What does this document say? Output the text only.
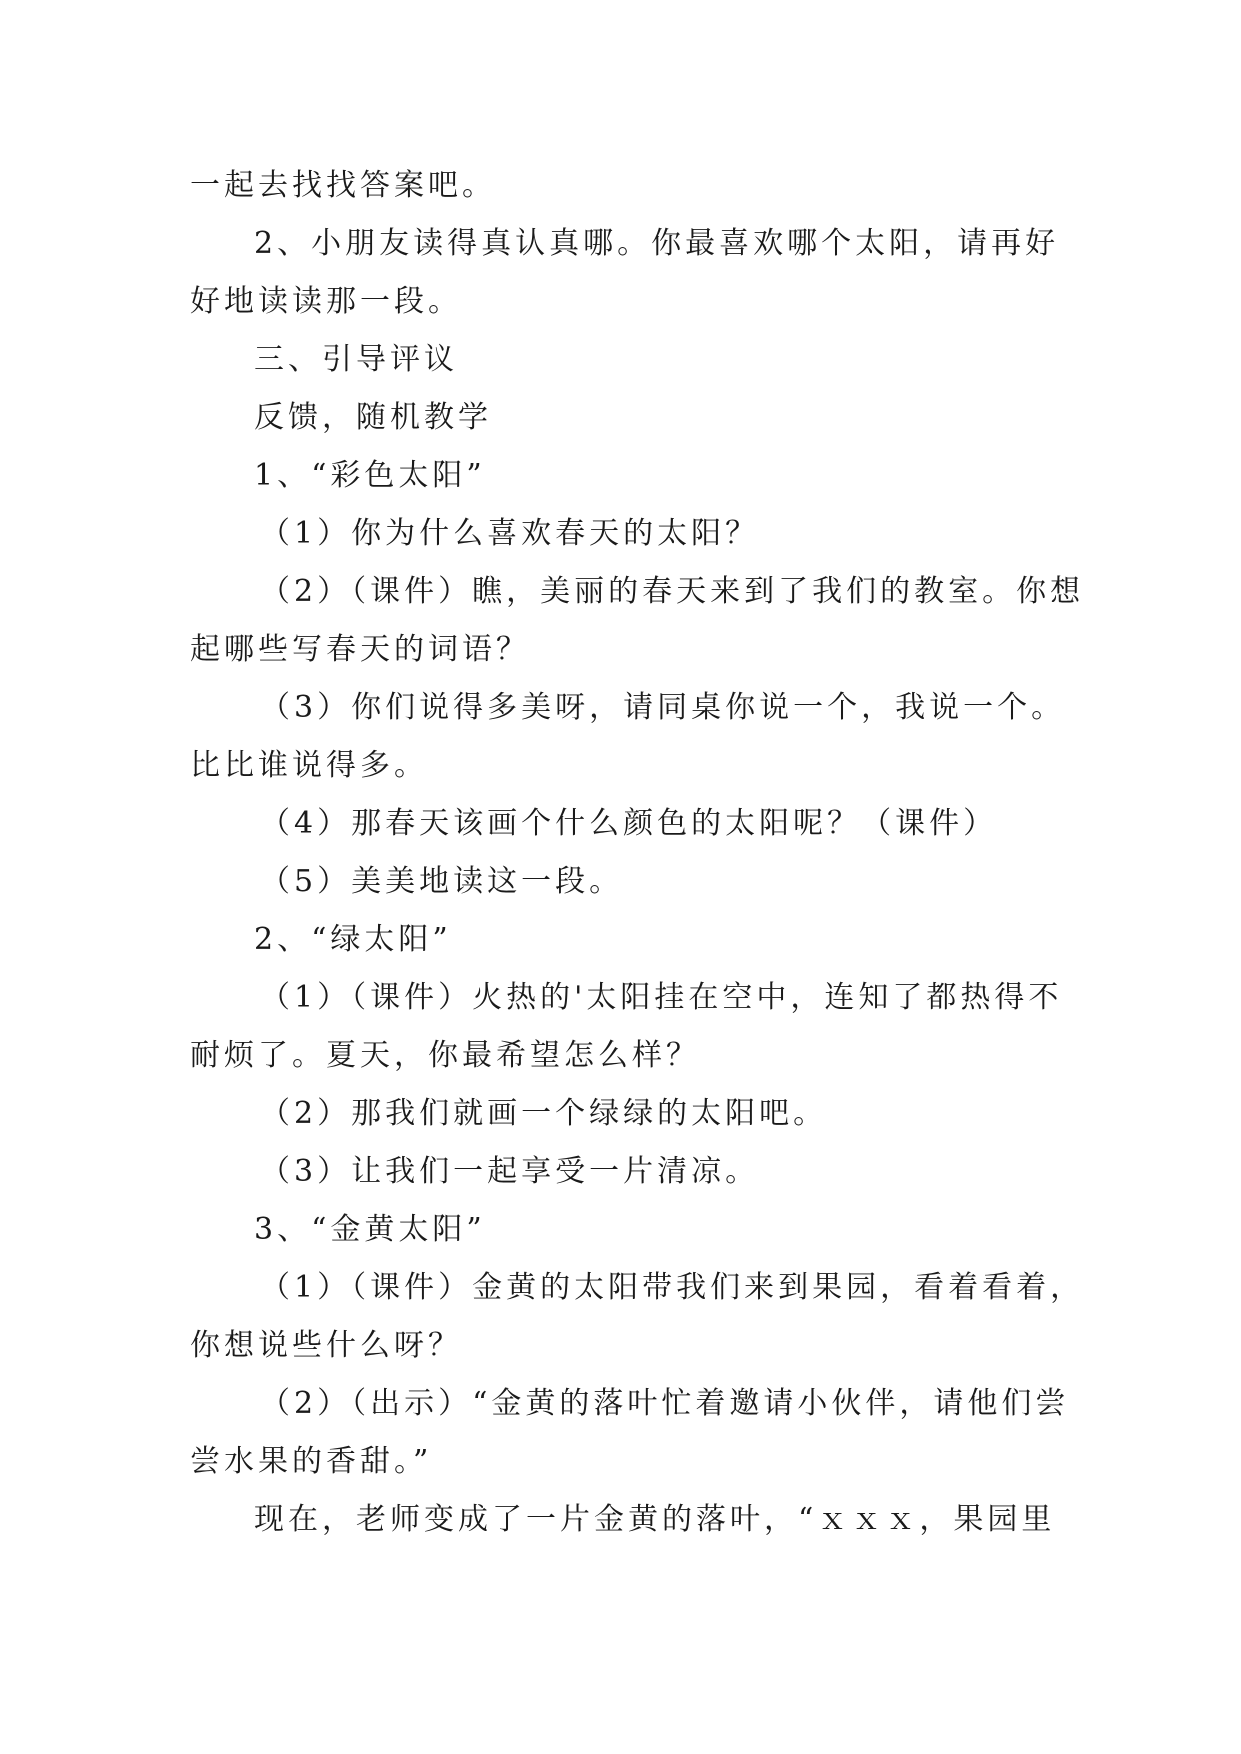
一起去找找答案吧。
2、小朋友读得真认真哪。你最喜欢哪个太阳，请再好
好地读读那一段。
三、引导评议
反馈，随机教学
1、“彩色太阳”
（1）你为什么喜欢春天的太阳？
（2）（课件）瞧，美丽的春天来到了我们的教室。你想
起哪些写春天的词语？
（3）你们说得多美呀，请同桌你说一个，我说一个。
比比谁说得多。
（4）那春天该画个什么颜色的太阳呢？（课件）
（5）美美地读这一段。
2、“绿太阳”
（1）（课件）火热的'太阳挂在空中，连知了都热得不
耐烦了。夏天，你最希望怎么样？
（2）那我们就画一个绿绿的太阳吧。
（3）让我们一起享受一片清凉。
3、“金黄太阳”
（1）（课件）金黄的太阳带我们来到果园，看着看着，
你想说些什么呀？
（2）（出示）“金黄的落叶忙着邀请小伙伴，请他们尝
尝水果的香甜。”
现在，老师变成了一片金黄的落叶，“ｘｘｘ，果园里
